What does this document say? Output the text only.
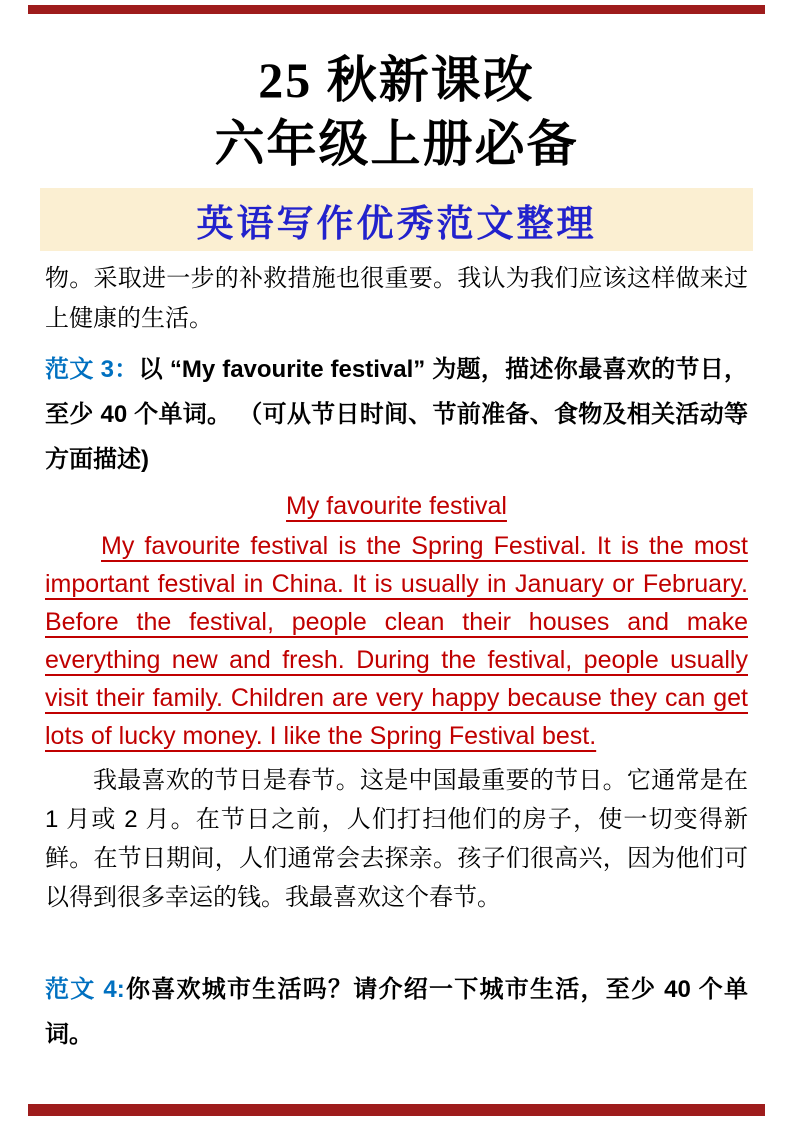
25 秋新课改
六年级上册必备
英语写作优秀范文整理

物。采取进一步的补救措施也很重要。我认为我们应该这样做来过上健康的生活。

范文 3：以 “My favourite festival” 为题，描述你最喜欢的节日，至少 40 个单词。 （可从节日时间、节前准备、食物及相关活动等方面描述)

My favourite festival

My favourite festival is the Spring Festival. It is the most important festival in China. It is usually in January or February. Before the festival, people clean their houses and make everything new and fresh. During the festival, people usually visit their family. Children are very happy because they can get lots of lucky money. I like the Spring Festival best.

我最喜欢的节日是春节。这是中国最重要的节日。它通常是在 1 月或 2 月。在节日之前，人们打扫他们的房子，使一切变得新鲜。在节日期间，人们通常会去探亲。孩子们很高兴，因为他们可以得到很多幸运的钱。我最喜欢这个春节。

范文 4:你喜欢城市生活吗？请介绍一下城市生活，至少 40 个单词。
